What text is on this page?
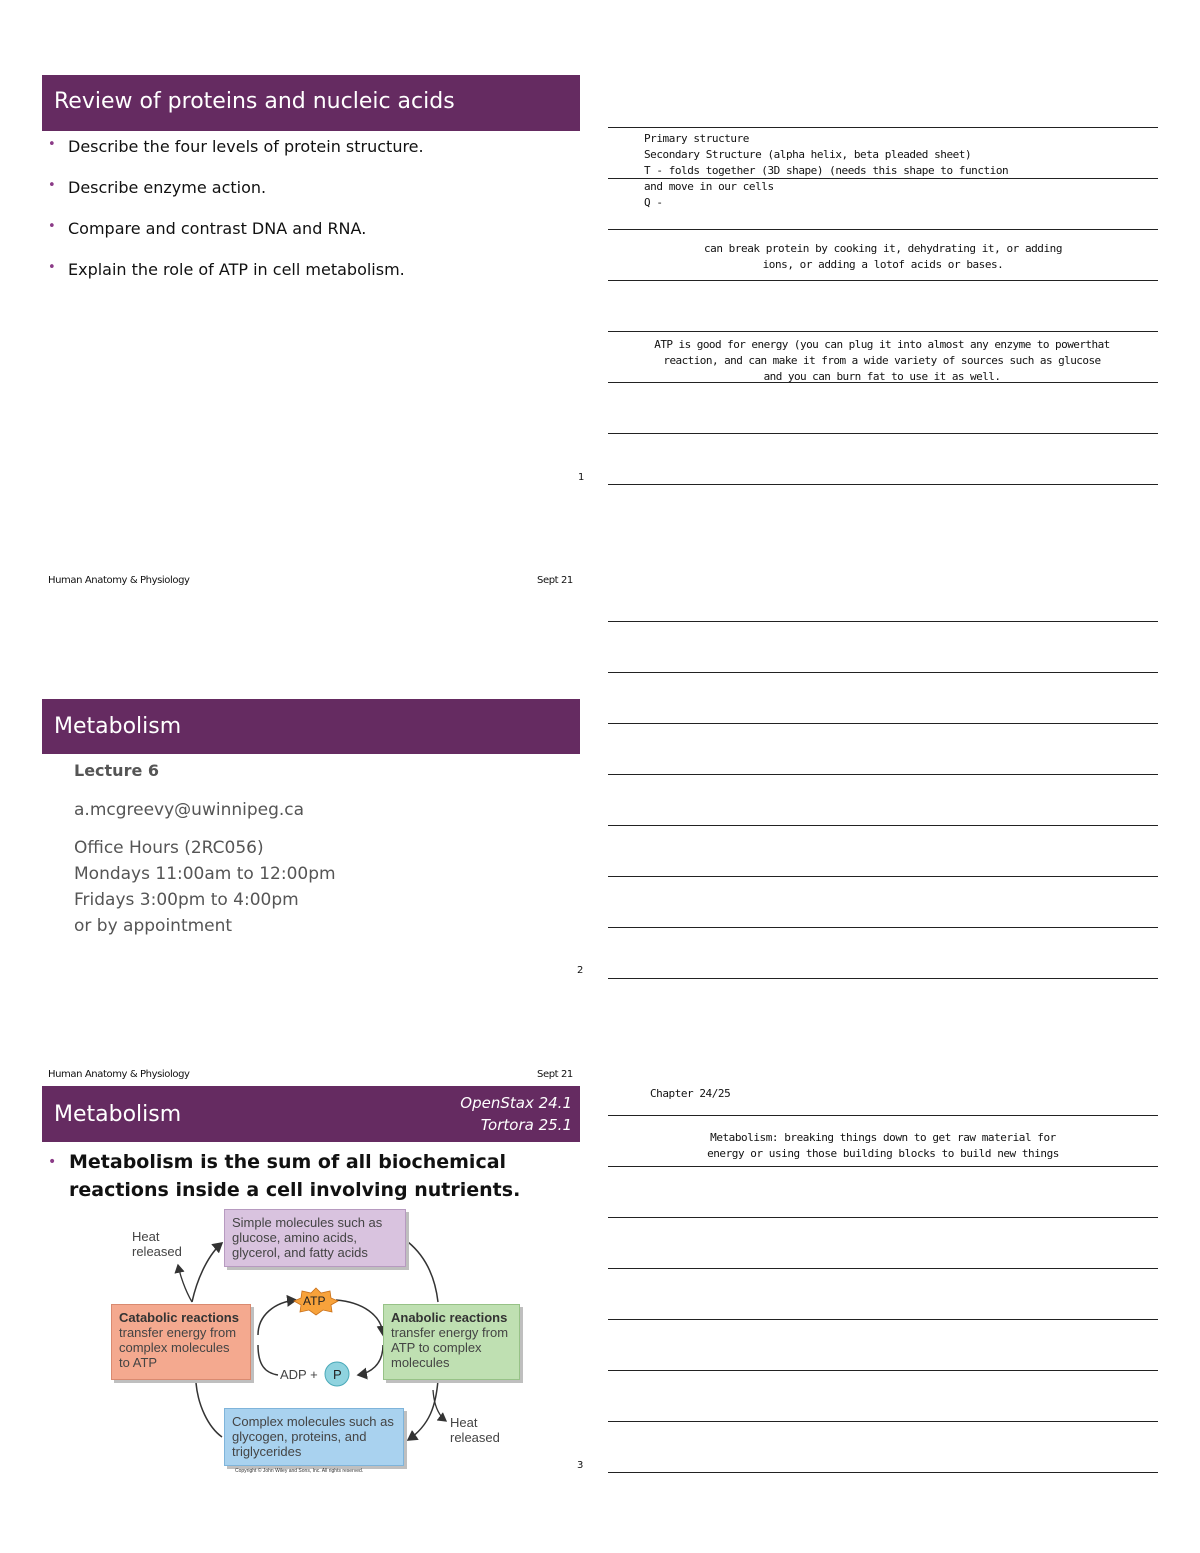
Review of proteins and nucleic acids
• Describe the four levels of protein structure.
• Describe enzyme action.
• Compare and contrast DNA and RNA.
• Explain the role of ATP in cell metabolism.
1
Human Anatomy & Physiology	Sept 21
Metabolism
Lecture 6
a.mcgreevy@uwinnipeg.ca
Office Hours (2RC056)
Mondays 11:00am to 12:00pm
Fridays 3:00pm to 4:00pm
or by appointment
2
Human Anatomy & Physiology	Sept 21
Metabolism	OpenStax 24.1
Tortora 25.1
• Metabolism is the sum of all biochemical reactions inside a cell involving nutrients.
Simple molecules such as glucose, amino acids, glycerol, and fatty acids
Catabolic reactions
transfer energy from complex molecules to ATP
Anabolic reactions
transfer energy from ATP to complex molecules
Complex molecules such as glycogen, proteins, and triglycerides
ATP
ADP + P
Heat
released
Heat
released
Copyright © John Wiley and Sons, Inc. All rights reserved.	3
Primary structure
Secondary Structure (alpha helix, beta pleaded sheet)
T - folds together (3D shape) (needs this shape to function
and move in our cells
Q -
can break protein by cooking it, dehydrating it, or adding
ions, or adding a lotof acids or bases.
ATP is good for energy (you can plug it into almost any enzyme to powerthat
reaction, and can make it from a wide variety of sources such as glucose
and you can burn fat to use it as well.
Chapter 24/25
Metabolism: breaking things down to get raw material for
energy or using those building blocks to build new things
